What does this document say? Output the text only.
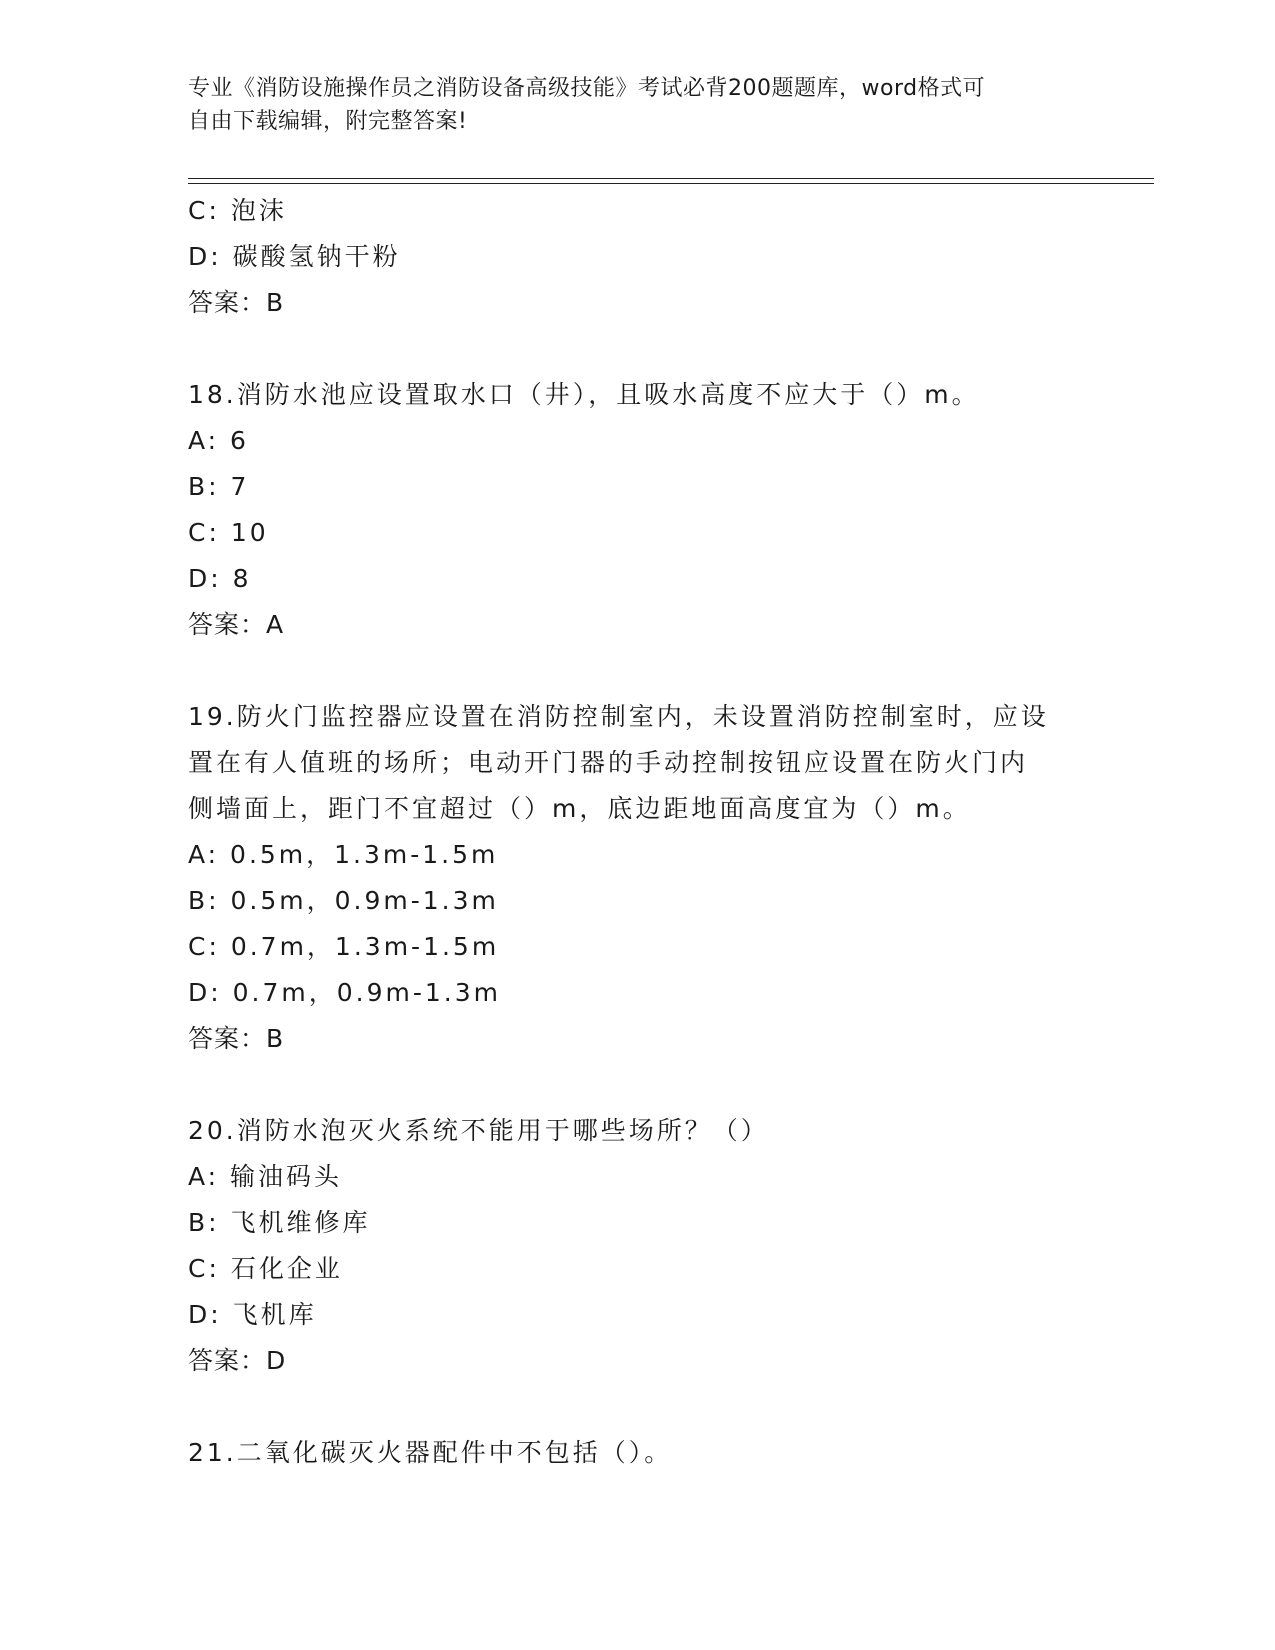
专业《消防设施操作员之消防设备高级技能》考试必背200题题库，word格式可
自由下载编辑，附完整答案!
C: 泡沫
D: 碳酸氢钠干粉
答案：B
18.消防水池应设置取水口（井），且吸水高度不应大于（）m。
A: 6
B: 7
C: 10
D: 8
答案：A
19.防火门监控器应设置在消防控制室内，未设置消防控制室时，应设
置在有人值班的场所；电动开门器的手动控制按钮应设置在防火门内
侧墙面上，距门不宜超过（）m，底边距地面高度宜为（）m。
A: 0.5m，1.3m-1.5m
B: 0.5m，0.9m-1.3m
C: 0.7m，1.3m-1.5m
D: 0.7m，0.9m-1.3m
答案：B
20.消防水泡灭火系统不能用于哪些场所？（）
A: 输油码头
B: 飞机维修库
C: 石化企业
D: 飞机库
答案：D
21.二氧化碳灭火器配件中不包括（）。
